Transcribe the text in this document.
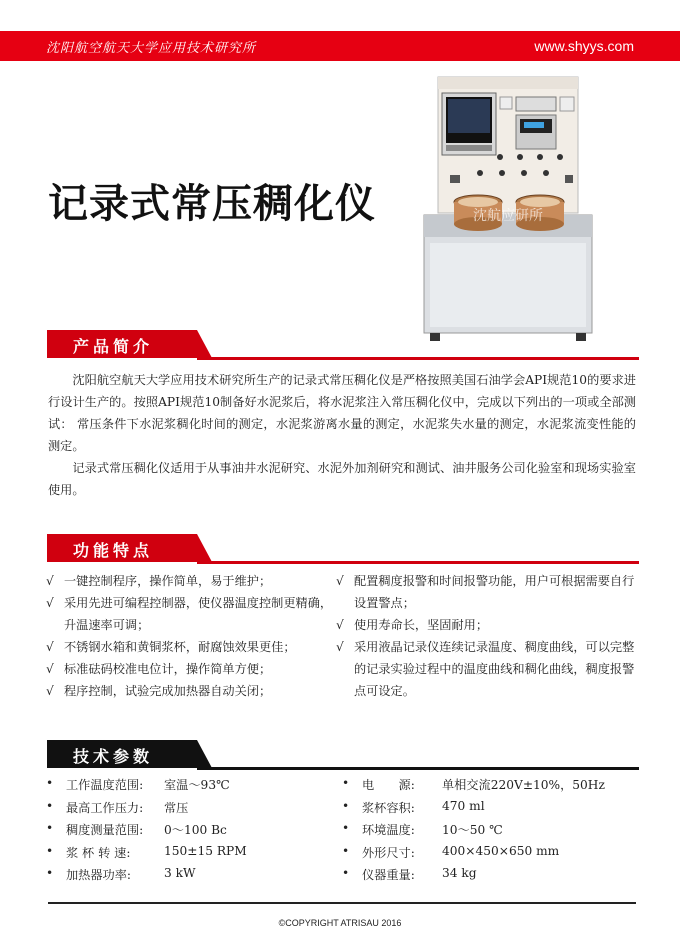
沈阳航空航天大学应用技术研究所	www.shyys.com
记录式常压稠化仪	沈航应研所
产品简介

沈阳航空航天大学应用技术研究所生产的记录式常压稠化仪是严格按照美国石油学会API规范10的要求进行设计生产的。按照API规范10制备好水泥浆后，将水泥浆注入常压稠化仪中，完成以下列出的一项或全部测试： 常压条件下水泥浆稠化时间的测定，水泥浆游离水量的测定，水泥浆失水量的测定，水泥浆流变性能的测定。

记录式常压稠化仪适用于从事油井水泥研究、水泥外加剂研究和测试、油井服务公司化验室和现场实验室使用。

功能特点
√ 一键控制程序，操作简单，易于维护；
√ 采用先进可编程控制器，使仪器温度控制更精确，升温速率可调；
√ 不锈钢水箱和黄铜浆杯，耐腐蚀效果更佳；
√ 标准砝码校准电位计，操作简单方便；
√ 程序控制，试验完成加热器自动关闭；
√ 配置稠度报警和时间报警功能，用户可根据需要自行设置警点；
√ 使用寿命长，坚固耐用；
√ 采用液晶记录仪连续记录温度、稠度曲线，可以完整的记录实验过程中的温度曲线和稠化曲线，稠度报警点可设定。
技术参数
•	工作温度范围:	室温～93℃	•	电　　源:	单相交流220V±10%，50Hz
•	最高工作压力:	常压	•	浆杯容积:	470 ml
•	稠度测量范围:	0～100 Bc	•	环境温度:	10～50 ℃
•	浆 杯 转 速:	150±15 RPM	•	外形尺寸:	400×450×650 mm
•	加热器功率:	3 kW	•	仪器重量:	34 kg
©COPYRIGHT ATRISAU 2016
